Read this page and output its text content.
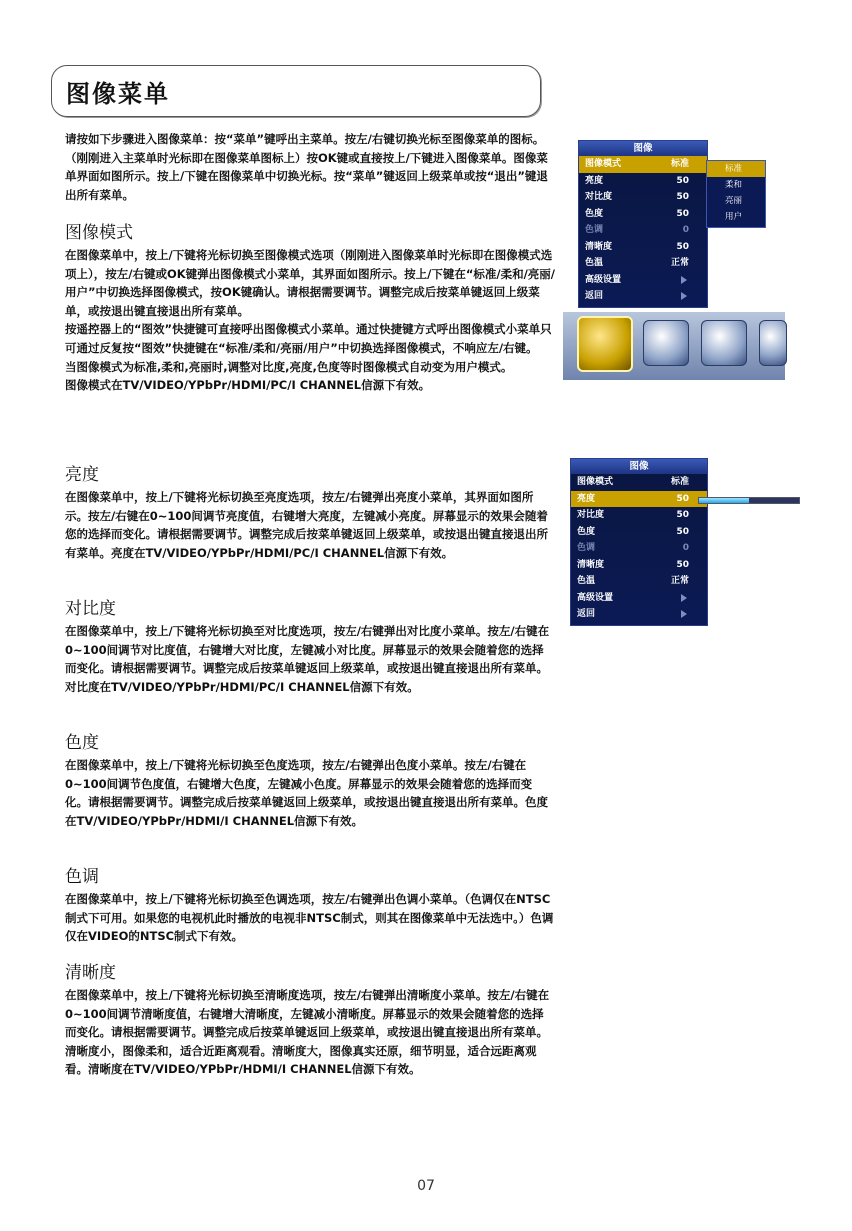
图像菜单

请按如下步骤进入图像菜单：按“菜单”键呼出主菜单。按左/右键切换光标至图像菜单的图标。（刚刚进入主菜单时光标即在图像菜单图标上）按OK键或直接按上/下键进入图像菜单。图像菜单界面如图所示。按上/下键在图像菜单中切换光标。按“菜单”键返回上级菜单或按“退出”键退出所有菜单。

图像模式

在图像菜单中，按上/下键将光标切换至图像模式选项（刚刚进入图像菜单时光标即在图像模式选项上），按左/右键或OK键弹出图像模式小菜单，其界面如图所示。按上/下键在“标准/柔和/亮丽/用户”中切换选择图像模式，按OK键确认。请根据需要调节。调整完成后按菜单键返回上级菜单，或按退出键直接退出所有菜单。

按遥控器上的“图效”快捷键可直接呼出图像模式小菜单。通过快捷键方式呼出图像模式小菜单只可通过反复按“图效”快捷键在“标准/柔和/亮丽/用户”中切换选择图像模式，不响应左/右键。

当图像模式为标准,柔和,亮丽时,调整对比度,亮度,色度等时图像模式自动变为用户模式。

图像模式在TV/VIDEO/YPbPr/HDMI/PC/I CHANNEL信源下有效。

亮度

在图像菜单中，按上/下键将光标切换至亮度选项，按左/右键弹出亮度小菜单，其界面如图所示。按左/右键在0~100间调节亮度值，右键增大亮度，左键减小亮度。屏幕显示的效果会随着您的选择而变化。请根据需要调节。调整完成后按菜单键返回上级菜单，或按退出键直接退出所有菜单。亮度在TV/VIDEO/YPbPr/HDMI/PC/I CHANNEL信源下有效。

对比度

在图像菜单中，按上/下键将光标切换至对比度选项，按左/右键弹出对比度小菜单。按左/右键在0~100间调节对比度值，右键增大对比度，左键减小对比度。屏幕显示的效果会随着您的选择而变化。请根据需要调节。调整完成后按菜单键返回上级菜单，或按退出键直接退出所有菜单。对比度在TV/VIDEO/YPbPr/HDMI/PC/I CHANNEL信源下有效。

色度

在图像菜单中，按上/下键将光标切换至色度选项，按左/右键弹出色度小菜单。按左/右键在0~100间调节色度值，右键增大色度，左键减小色度。屏幕显示的效果会随着您的选择而变化。请根据需要调节。调整完成后按菜单键返回上级菜单，或按退出键直接退出所有菜单。色度在TV/VIDEO/YPbPr/HDMI/I CHANNEL信源下有效。

色调

在图像菜单中，按上/下键将光标切换至色调选项，按左/右键弹出色调小菜单。（色调仅在NTSC制式下可用。如果您的电视机此时播放的电视非NTSC制式，则其在图像菜单中无法选中。）色调仅在VIDEO的NTSC制式下有效。

清晰度

在图像菜单中，按上/下键将光标切换至清晰度选项，按左/右键弹出清晰度小菜单。按左/右键在0~100间调节清晰度值，右键增大清晰度，左键减小清晰度。屏幕显示的效果会随着您的选择而变化。请根据需要调节。调整完成后按菜单键返回上级菜单，或按退出键直接退出所有菜单。清晰度小，图像柔和，适合近距离观看。清晰度大，图像真实还原，细节明显，适合远距离观看。清晰度在TV/VIDEO/YPbPr/HDMI/I CHANNEL信源下有效。

图像
图像模式	标准
亮度	50
对比度	50
色度	50
色调	0
清晰度	50
色温	正常
高级设置
返回
标准
柔和
亮丽
用户
图像
图像模式	标准
亮度	50
对比度	50
色度	50
色调	0
清晰度	50
色温	正常
高级设置
返回
07
